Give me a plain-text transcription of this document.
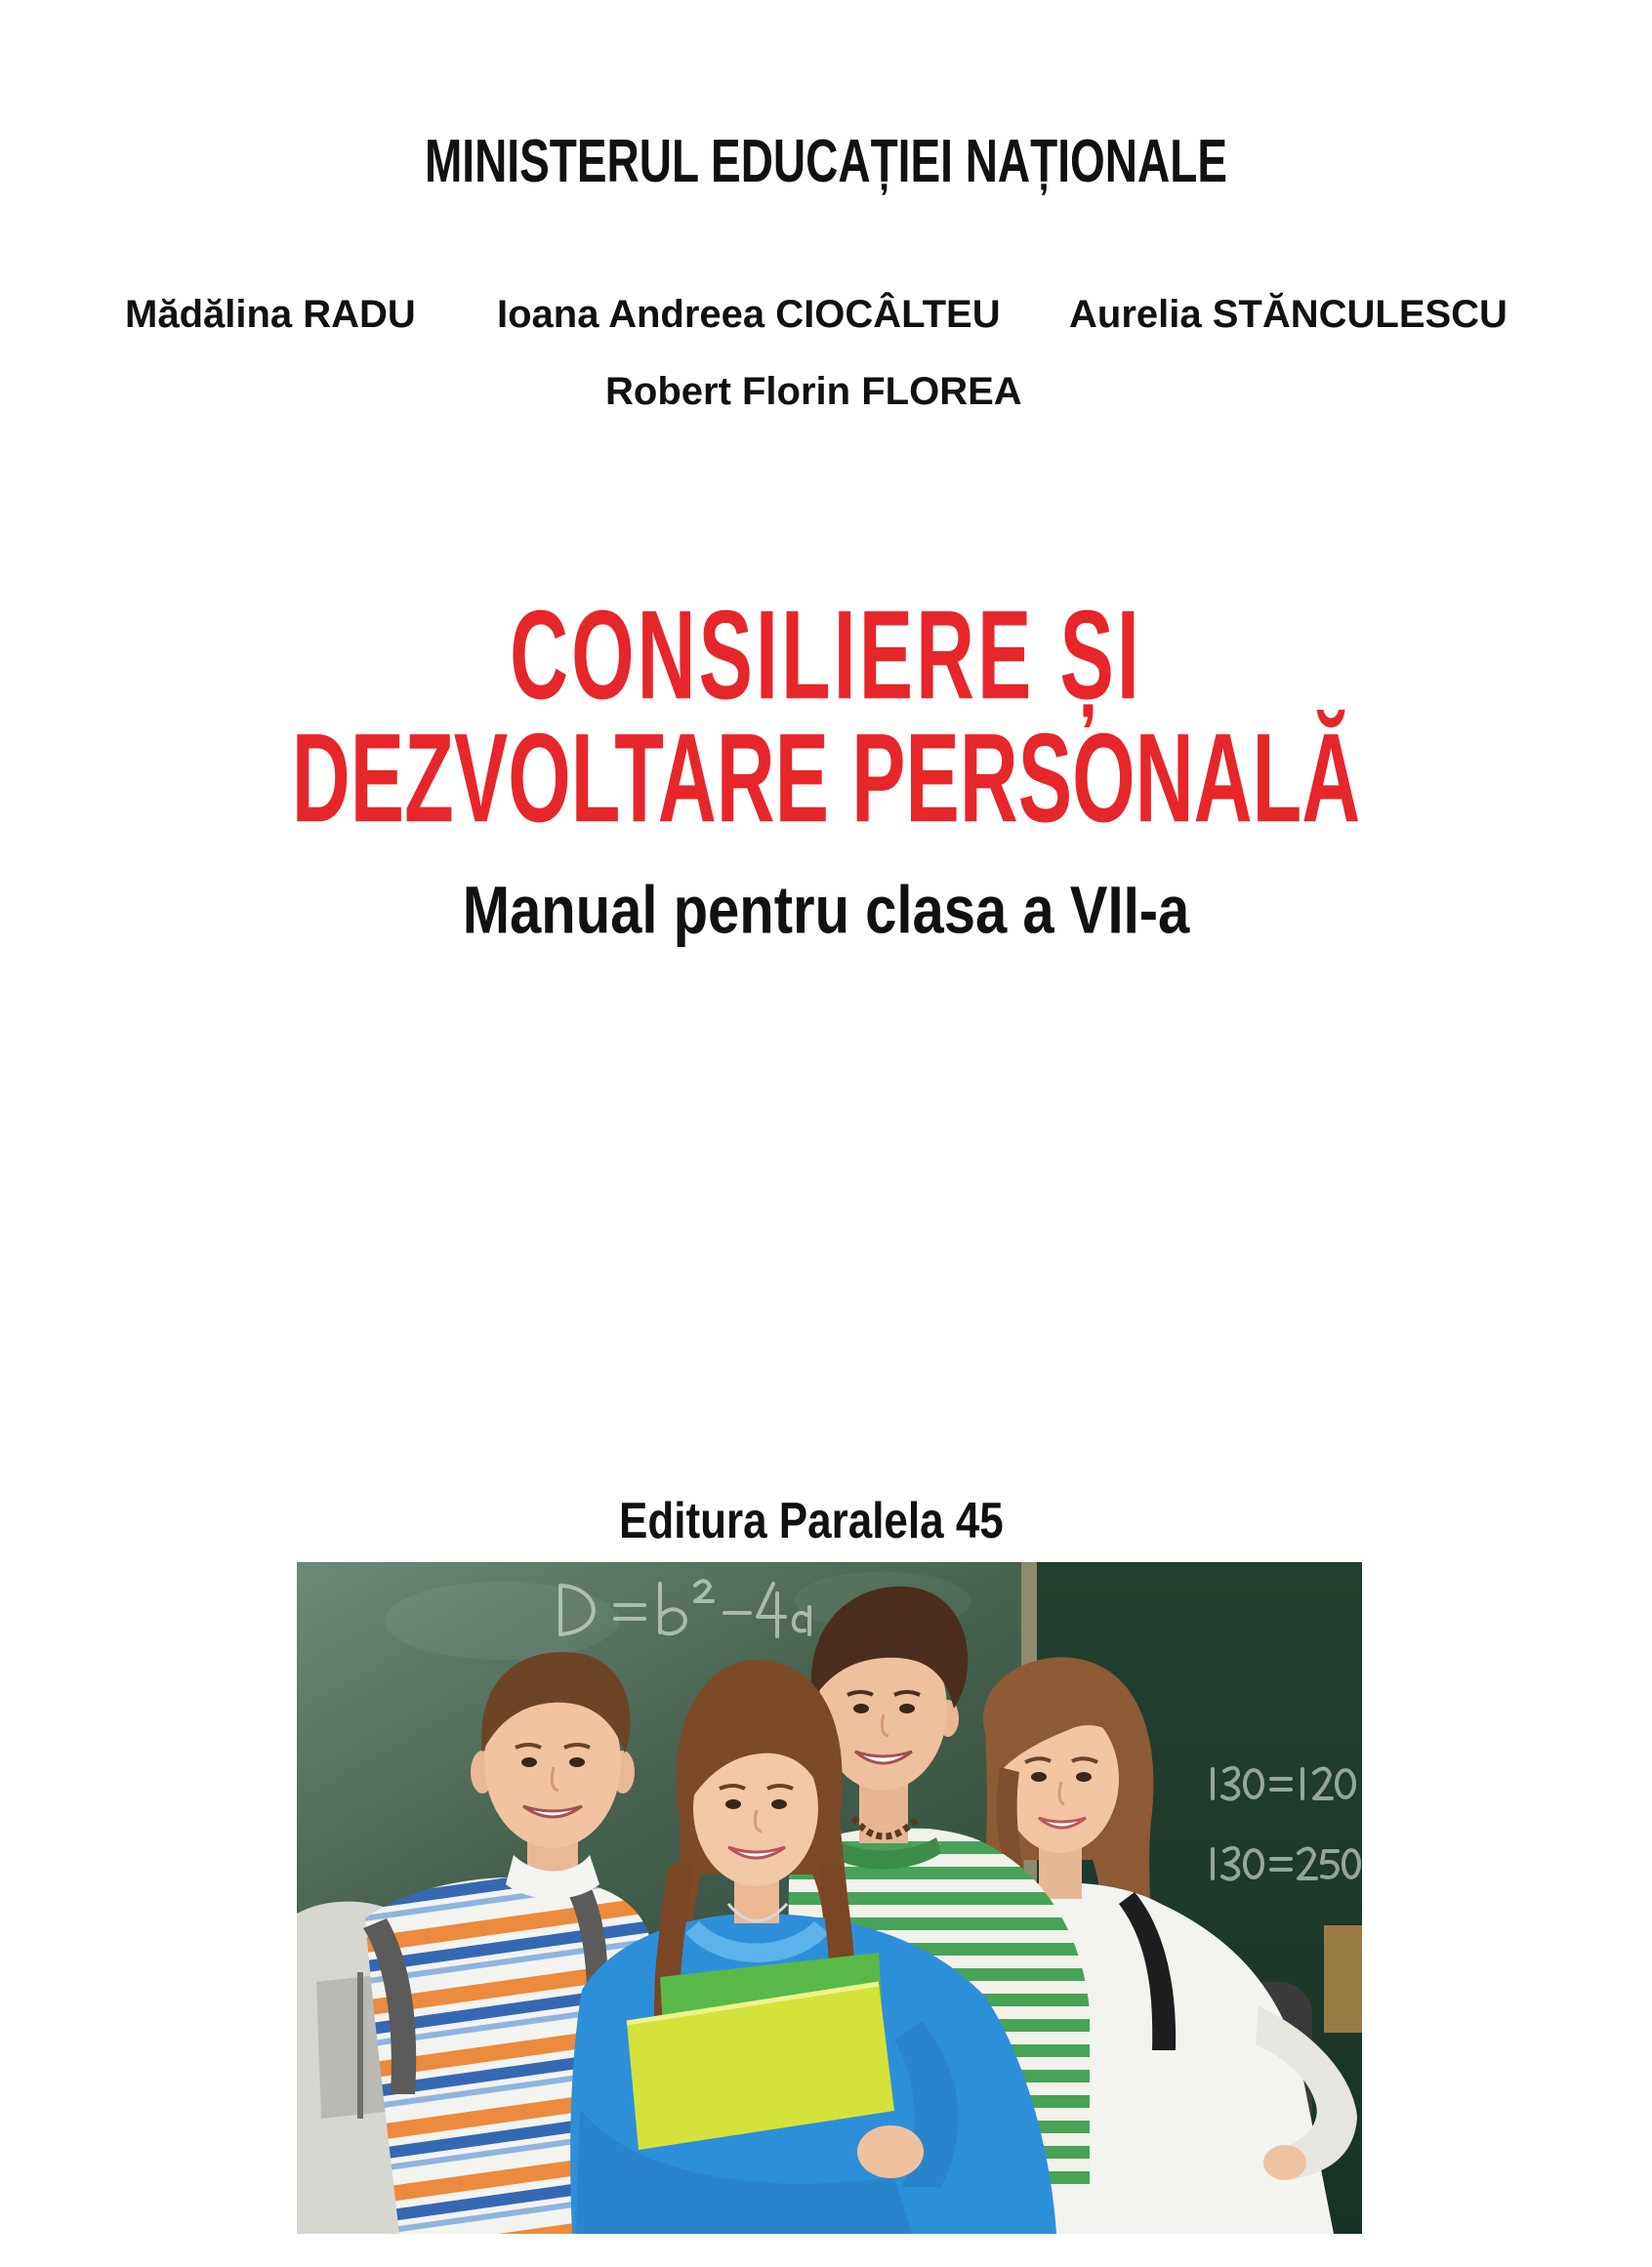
MINISTERUL EDUCAȚIEI NAȚIONALE
Mădălina RADU Ioana Andreea CIOCÂLTEU Aurelia STĂNCULESCU
Robert Florin FLOREA
CONSILIERE ȘI
DEZVOLTARE PERSONALĂ
Manual pentru clasa a VII-a
Editura Paralela 45
